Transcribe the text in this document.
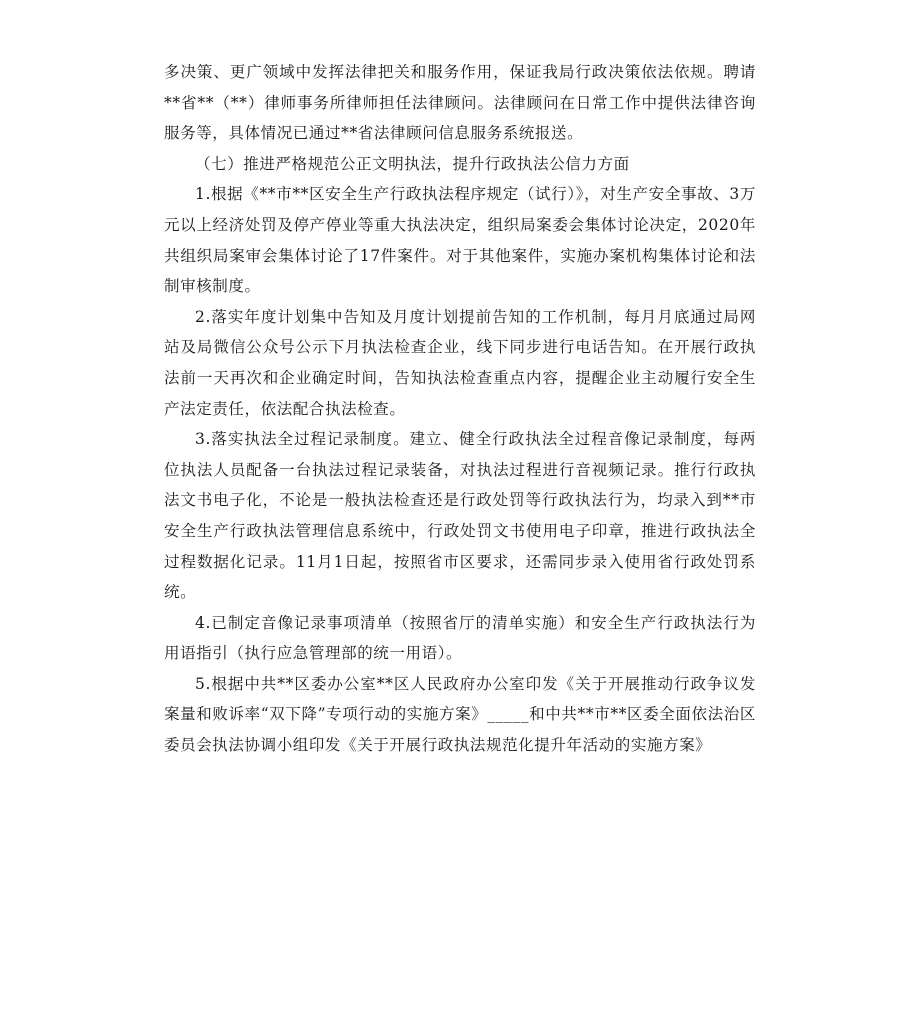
多决策、更广领域中发挥法律把关和服务作用，保证我局行政决策依法依规。聘请**省**（**）律师事务所律师担任法律顾问。法律顾问在日常工作中提供法律咨询服务等，具体情况已通过**省法律顾问信息服务系统报送。

（七）推进严格规范公正文明执法，提升行政执法公信力方面

1.根据《**市**区安全生产行政执法程序规定（试行）》，对生产安全事故、3万元以上经济处罚及停产停业等重大执法决定，组织局案委会集体讨论决定，2020年共组织局案审会集体讨论了17件案件。对于其他案件，实施办案机构集体讨论和法制审核制度。

2.落实年度计划集中告知及月度计划提前告知的工作机制，每月月底通过局网站及局微信公众号公示下月执法检查企业，线下同步进行电话告知。在开展行政执法前一天再次和企业确定时间，告知执法检查重点内容，提醒企业主动履行安全生产法定责任，依法配合执法检查。

3.落实执法全过程记录制度。建立、健全行政执法全过程音像记录制度，每两位执法人员配备一台执法过程记录装备，对执法过程进行音视频记录。推行行政执法文书电子化，不论是一般执法检查还是行政处罚等行政执法行为，均录入到**市安全生产行政执法管理信息系统中，行政处罚文书使用电子印章，推进行政执法全过程数据化记录。11月1日起，按照省市区要求，还需同步录入使用省行政处罚系统。

4.已制定音像记录事项清单（按照省厅的清单实施）和安全生产行政执法行为用语指引（执行应急管理部的统一用语）。

5.根据中共**区委办公室**区人民政府办公室印发《关于开展推动行政争议发案量和败诉率“双下降”专项行动的实施方案》_____和中共**市**区委全面依法治区委员会执法协调小组印发《关于开展行政执法规范化提升年活动的实施方案》
